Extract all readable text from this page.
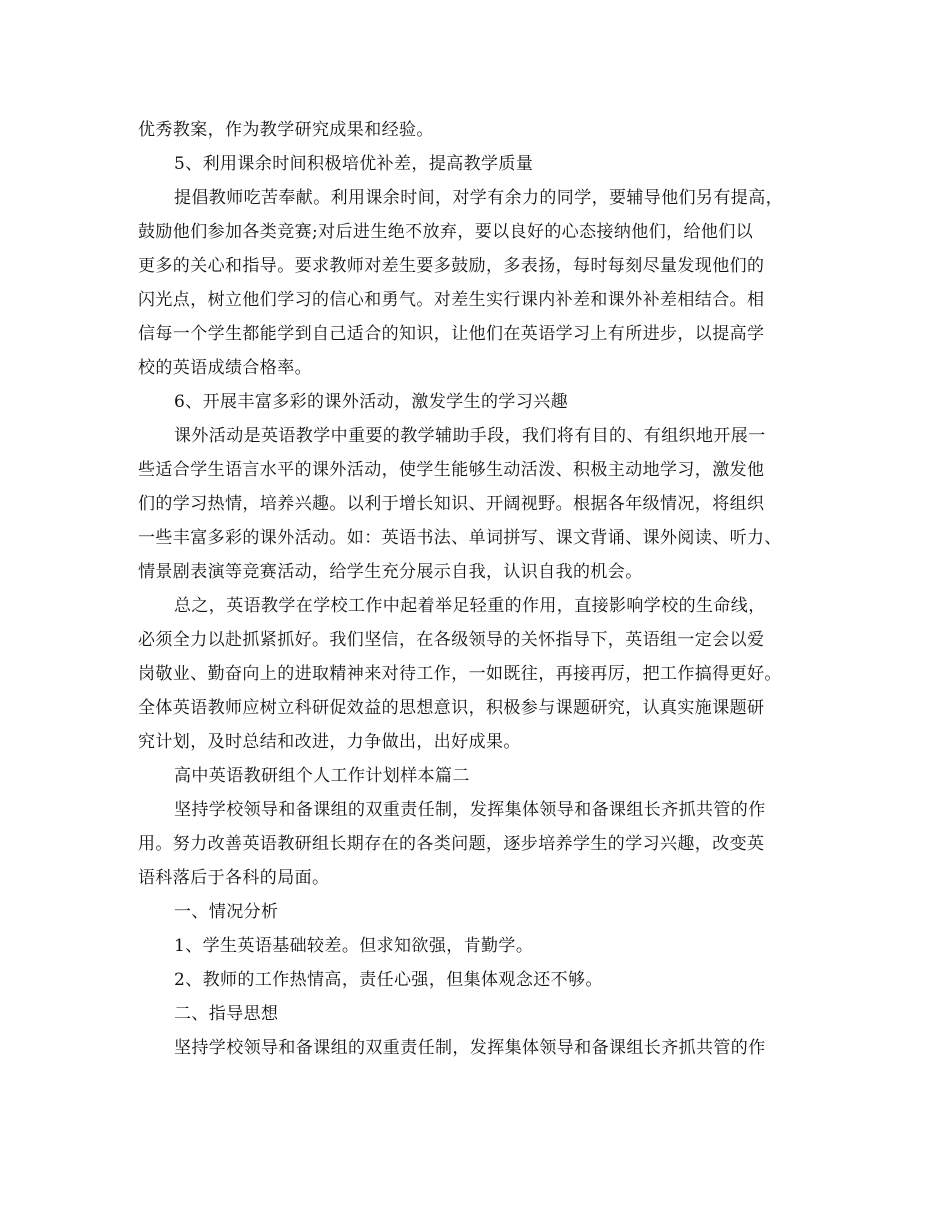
优秀教案，作为教学研究成果和经验。
5、利用课余时间积极培优补差，提高教学质量
提倡教师吃苦奉献。利用课余时间，对学有余力的同学，要辅导他们另有提高，
鼓励他们参加各类竞赛;对后进生绝不放弃，要以良好的心态接纳他们，给他们以
更多的关心和指导。要求教师对差生要多鼓励，多表扬，每时每刻尽量发现他们的
闪光点，树立他们学习的信心和勇气。对差生实行课内补差和课外补差相结合。相
信每一个学生都能学到自己适合的知识，让他们在英语学习上有所进步，以提高学
校的英语成绩合格率。
6、开展丰富多彩的课外活动，激发学生的学习兴趣
课外活动是英语教学中重要的教学辅助手段，我们将有目的、有组织地开展一
些适合学生语言水平的课外活动，使学生能够生动活泼、积极主动地学习，激发他
们的学习热情，培养兴趣。以利于增长知识、开阔视野。根据各年级情况，将组织
一些丰富多彩的课外活动。如：英语书法、单词拼写、课文背诵、课外阅读、听力、
情景剧表演等竞赛活动，给学生充分展示自我，认识自我的机会。
总之，英语教学在学校工作中起着举足轻重的作用，直接影响学校的生命线，
必须全力以赴抓紧抓好。我们坚信，在各级领导的关怀指导下，英语组一定会以爱
岗敬业、勤奋向上的进取精神来对待工作，一如既往，再接再厉，把工作搞得更好。
全体英语教师应树立科研促效益的思想意识，积极参与课题研究，认真实施课题研
究计划，及时总结和改进，力争做出，出好成果。
高中英语教研组个人工作计划样本篇二
坚持学校领导和备课组的双重责任制，发挥集体领导和备课组长齐抓共管的作
用。努力改善英语教研组长期存在的各类问题，逐步培养学生的学习兴趣，改变英
语科落后于各科的局面。
一、情况分析
1、学生英语基础较差。但求知欲强，肯勤学。
2、教师的工作热情高，责任心强，但集体观念还不够。
二、指导思想
坚持学校领导和备课组的双重责任制，发挥集体领导和备课组长齐抓共管的作
